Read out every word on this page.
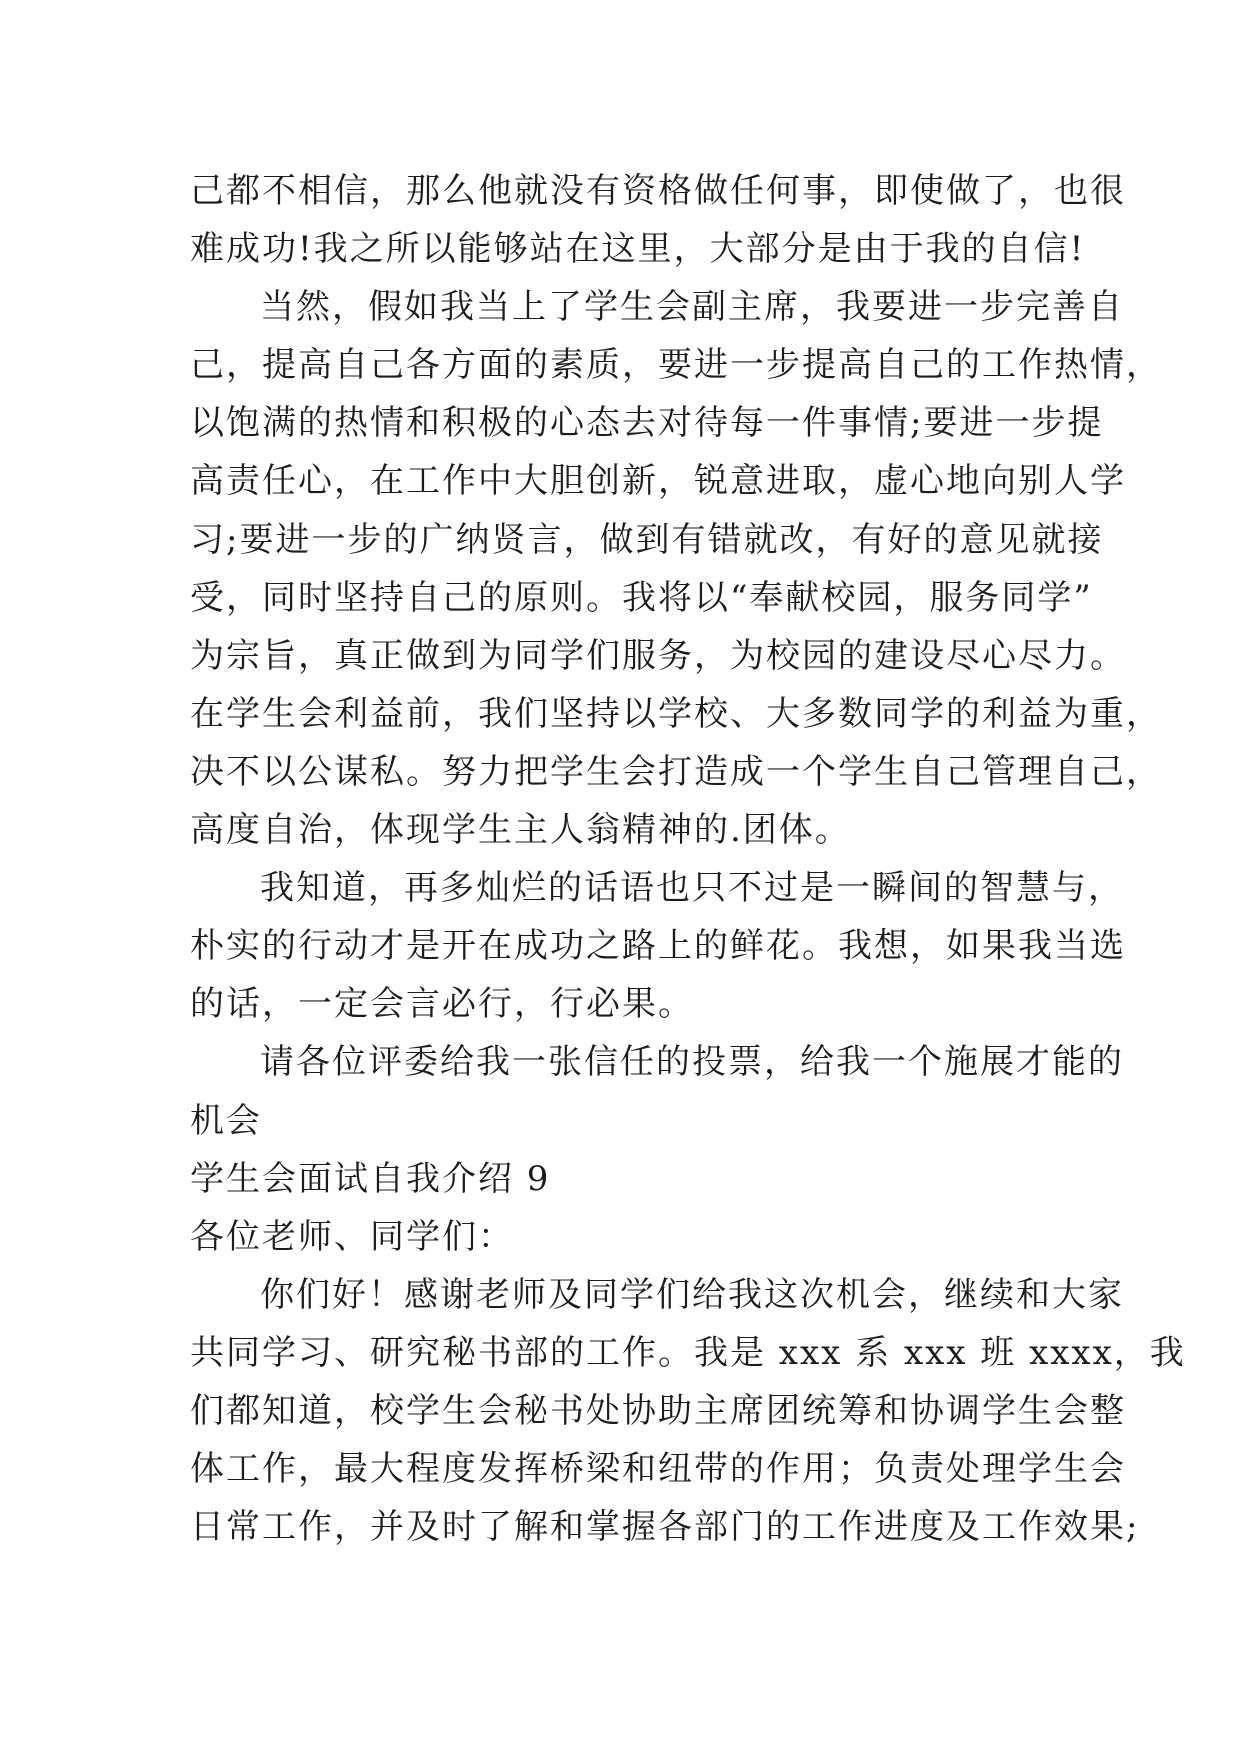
己都不相信，那么他就没有资格做任何事，即使做了，也很
难成功!我之所以能够站在这里，大部分是由于我的自信!
当然，假如我当上了学生会副主席，我要进一步完善自
己，提高自己各方面的素质，要进一步提高自己的工作热情，
以饱满的热情和积极的心态去对待每一件事情;要进一步提
高责任心，在工作中大胆创新，锐意进取，虚心地向别人学
习;要进一步的广纳贤言，做到有错就改，有好的意见就接
受，同时坚持自己的原则。我将以“奉献校园，服务同学”
为宗旨，真正做到为同学们服务，为校园的建设尽心尽力。
在学生会利益前，我们坚持以学校、大多数同学的利益为重，
决不以公谋私。努力把学生会打造成一个学生自己管理自己，
高度自治，体现学生主人翁精神的.团体。
我知道，再多灿烂的话语也只不过是一瞬间的智慧与，
朴实的行动才是开在成功之路上的鲜花。我想，如果我当选
的话，一定会言必行，行必果。
请各位评委给我一张信任的投票，给我一个施展才能的
机会
学生会面试自我介绍 9
各位老师、同学们：
你们好！感谢老师及同学们给我这次机会，继续和大家
共同学习、研究秘书部的工作。我是 xxx 系 xxx 班 xxxx，我
们都知道，校学生会秘书处协助主席团统筹和协调学生会整
体工作，最大程度发挥桥梁和纽带的作用；负责处理学生会
日常工作，并及时了解和掌握各部门的工作进度及工作效果;
